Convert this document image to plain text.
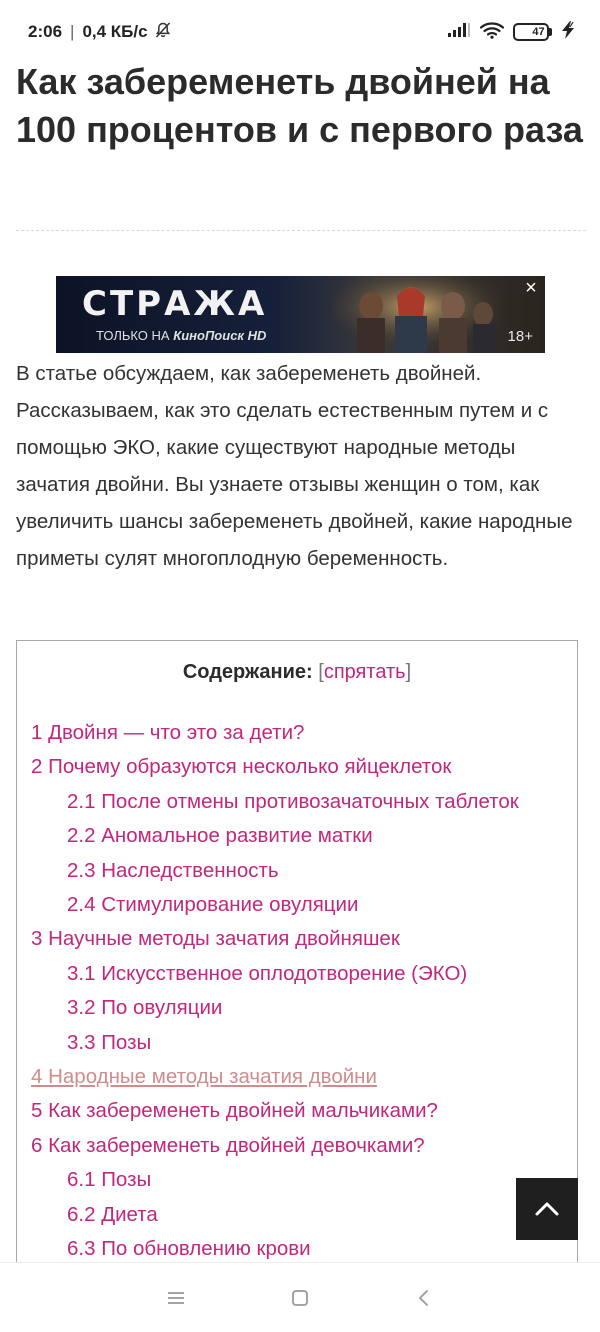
2:06 | 0,4 КБ/с	47
Как забеременеть двойней на 100 процентов и с первого раза
СТРАЖА
ТОЛЬКО НА КиноПоиск HD	18+
×

В статье обсуждаем, как забеременеть двойней. Рассказываем, как это сделать естественным путем и с помощью ЭКО, какие существуют народные методы зачатия двойни. Вы узнаете отзывы женщин о том, как увеличить шансы забеременеть двойней, какие народные приметы сулят многоплодную беременность.

Содержание: [спрятать]
1 Двойня — что это за дети?
2 Почему образуются несколько яйцеклеток
2.1 После отмены противозачаточных таблеток
2.2 Аномальное развитие матки
2.3 Наследственность
2.4 Стимулирование овуляции
3 Научные методы зачатия двойняшек
3.1 Искусственное оплодотворение (ЭКО)
3.2 По овуляции
3.3 Позы
4 Народные методы зачатия двойни
5 Как забеременеть двойней мальчиками?
6 Как забеременеть двойней девочками?
6.1 Позы
6.2 Диета
6.3 По обновлению крови
